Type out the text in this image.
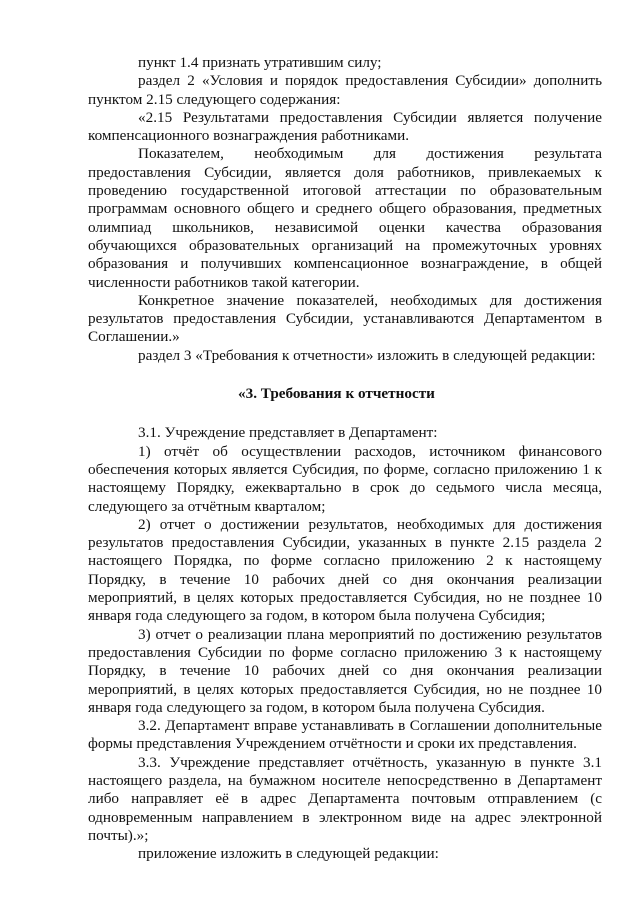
пункт 1.4 признать утратившим силу;

раздел 2 «Условия и порядок предоставления Субсидии» дополнить пунктом 2.15 следующего содержания:

«2.15 Результатами предоставления Субсидии является получение компенсационного вознаграждения работниками.

Показателем, необходимым для достижения результата предоставления Субсидии, является доля работников, привлекаемых к проведению государственной итоговой аттестации по образовательным программам основного общего и среднего общего образования, предметных олимпиад школьников, независимой оценки качества образования обучающихся образовательных организаций на промежуточных уровнях образования и получивших компенсационное вознаграждение, в общей численности работников такой категории.

Конкретное значение показателей, необходимых для достижения результатов предоставления Субсидии, устанавливаются Департаментом в Соглашении.»

раздел 3 «Требования к отчетности» изложить в следующей редакции:

«3. Требования к отчетности

3.1. Учреждение представляет в Департамент:

1) отчёт об осуществлении расходов, источником финансового обеспечения которых является Субсидия, по форме, согласно приложению 1 к настоящему Порядку, ежеквартально в срок до седьмого числа месяца, следующего за отчётным кварталом;

2) отчет о достижении результатов, необходимых для достижения результатов предоставления Субсидии, указанных в пункте 2.15 раздела 2 настоящего Порядка, по форме согласно приложению 2 к настоящему Порядку, в течение 10 рабочих дней со дня окончания реализации мероприятий, в целях которых предоставляется Субсидия, но не позднее 10 января года следующего за годом, в котором была получена Субсидия;

3) отчет о реализации плана мероприятий по достижению результатов предоставления Субсидии по форме согласно приложению 3 к настоящему Порядку, в течение 10 рабочих дней со дня окончания реализации мероприятий, в целях которых предоставляется Субсидия, но не позднее 10 января года следующего за годом, в котором была получена Субсидия.

3.2. Департамент вправе устанавливать в Соглашении дополнительные формы представления Учреждением отчётности и сроки их представления.

3.3. Учреждение представляет отчётность, указанную в пункте 3.1 настоящего раздела, на бумажном носителе непосредственно в Департамент либо направляет её в адрес Департамента почтовым отправлением (с одновременным направлением в электронном виде на адрес электронной почты).»;

приложение изложить в следующей редакции:
